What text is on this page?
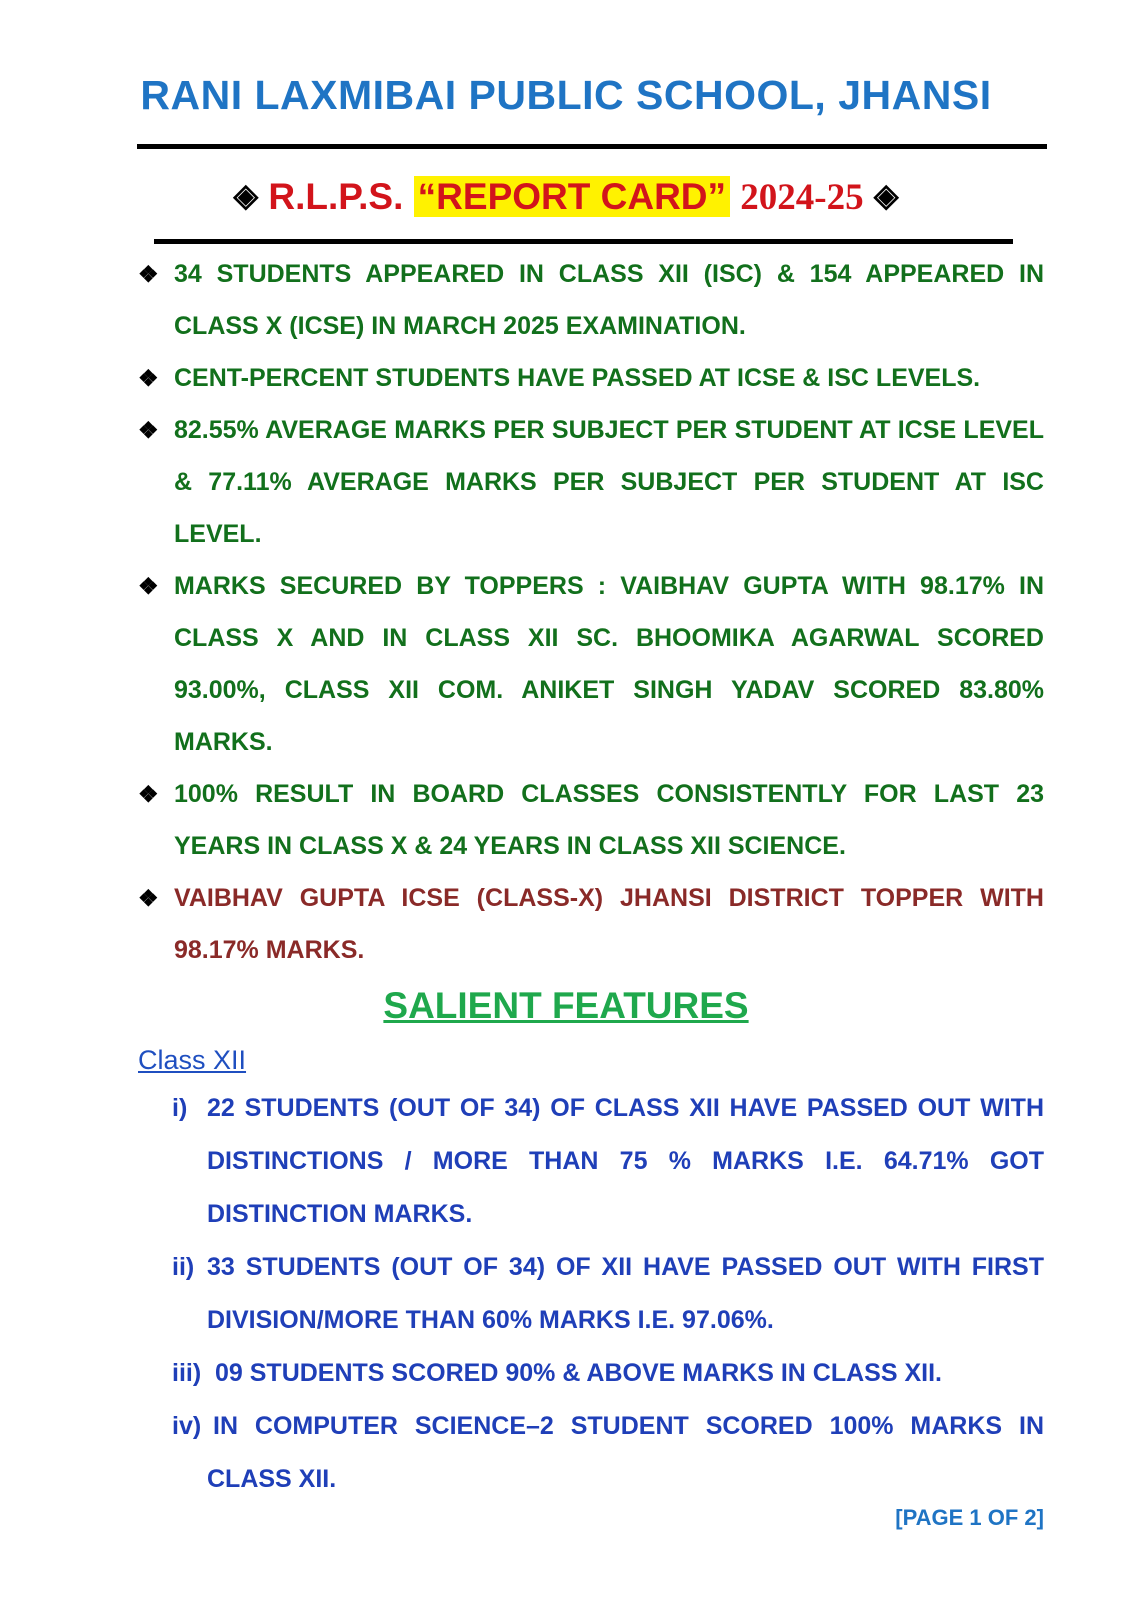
RANI LAXMIBAI PUBLIC SCHOOL, JHANSI
◈ R.L.P.S. “REPORT CARD” 2024-25 ◈
❖ 34 STUDENTS APPEARED IN CLASS XII (ISC) & 154 APPEARED IN CLASS X (ICSE) IN MARCH 2025 EXAMINATION.
❖ CENT-PERCENT STUDENTS HAVE PASSED AT ICSE & ISC LEVELS.
❖ 82.55% AVERAGE MARKS PER SUBJECT PER STUDENT AT ICSE LEVEL & 77.11% AVERAGE MARKS PER SUBJECT PER STUDENT AT ISC LEVEL.
❖ MARKS SECURED BY TOPPERS : VAIBHAV GUPTA WITH 98.17% IN CLASS X AND IN CLASS XII SC. BHOOMIKA AGARWAL SCORED 93.00%, CLASS XII COM. ANIKET SINGH YADAV SCORED 83.80% MARKS.
❖ 100% RESULT IN BOARD CLASSES CONSISTENTLY FOR LAST 23 YEARS IN CLASS X & 24 YEARS IN CLASS XII SCIENCE.
❖ VAIBHAV GUPTA ICSE (CLASS-X) JHANSI DISTRICT TOPPER WITH 98.17% MARKS.
SALIENT FEATURES
Class XII
i) 22 STUDENTS (OUT OF 34) OF CLASS XII HAVE PASSED OUT WITH DISTINCTIONS / MORE THAN 75 % MARKS I.E. 64.71% GOT DISTINCTION MARKS.
ii) 33 STUDENTS (OUT OF 34) OF XII HAVE PASSED OUT WITH FIRST DIVISION/MORE THAN 60% MARKS I.E. 97.06%.
iii) 09 STUDENTS SCORED 90% & ABOVE MARKS IN CLASS XII.
iv) IN COMPUTER SCIENCE–2 STUDENT SCORED 100% MARKS IN CLASS XII.
[PAGE 1 OF 2]
